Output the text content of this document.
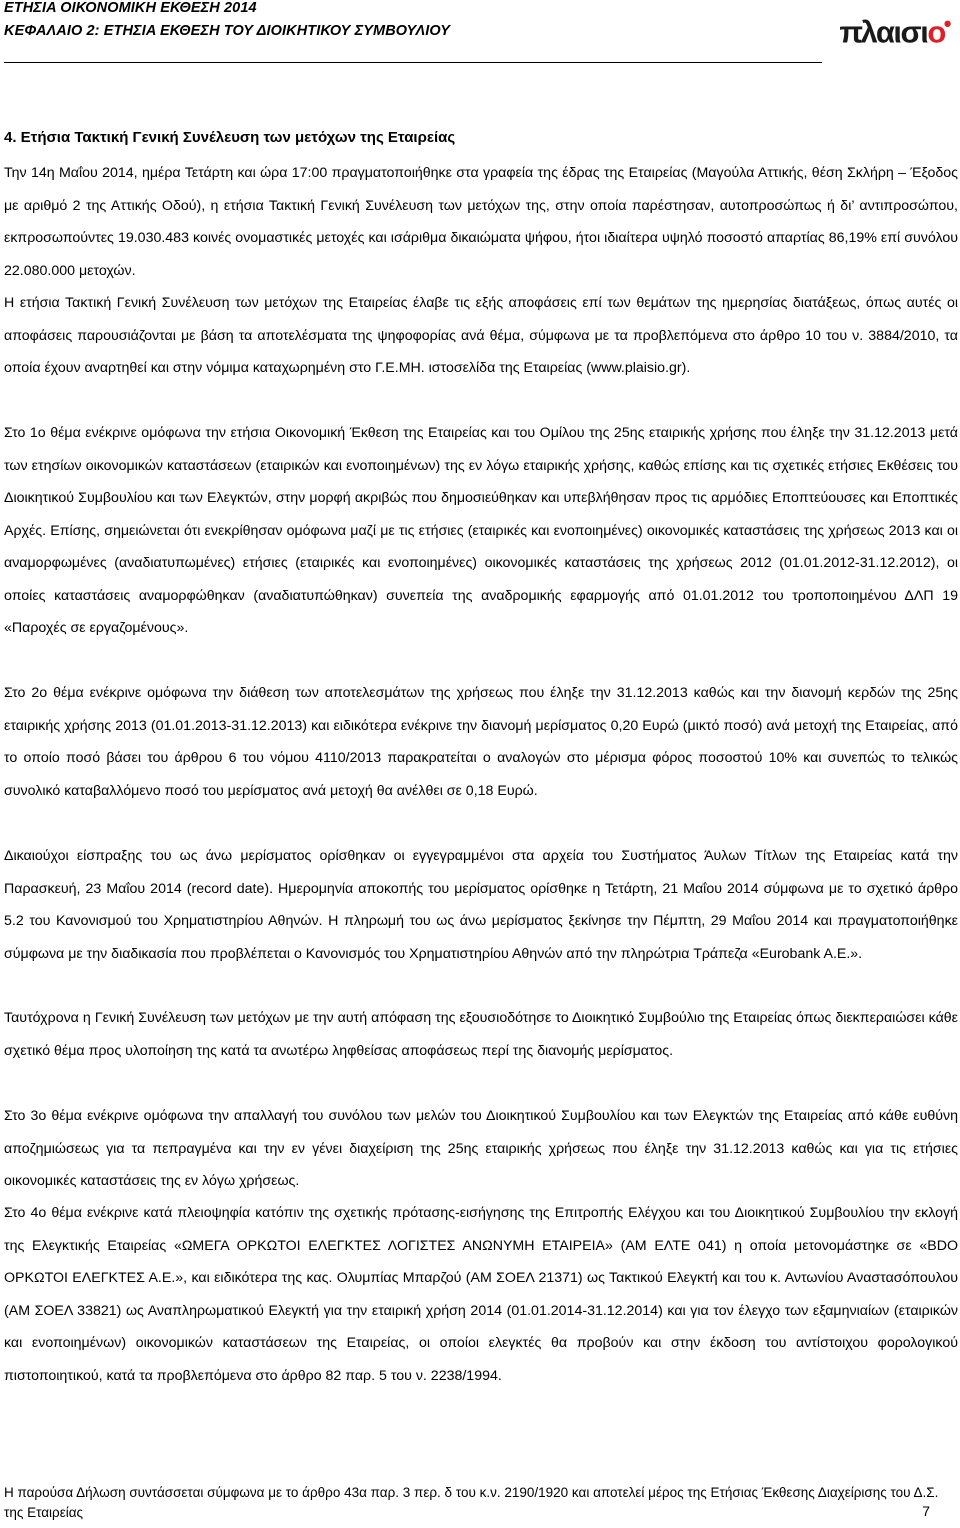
ΕΤΗΣΙΑ ΟΙΚΟΝΟΜΙΚΗ ΕΚΘΕΣΗ 2014
ΚΕΦΑΛΑΙΟ 2: ΕΤΗΣΙΑ ΕΚΘΕΣΗ ΤΟΥ ΔΙΟΙΚΗΤΙΚΟΥ ΣΥΜΒΟΥΛΙΟΥ	πλαισιο•
4. Ετήσια Τακτική Γενική Συνέλευση των μετόχων της Εταιρείας

Την 14η Μαΐου 2014, ημέρα Τετάρτη και ώρα 17:00 πραγματοποιήθηκε στα γραφεία της έδρας της Εταιρείας (Μαγούλα Αττικής, θέση Σκλήρη – Έξοδος με αριθμό 2 της Αττικής Οδού), η ετήσια Τακτική Γενική Συνέλευση των μετόχων της, στην οποία παρέστησαν, αυτοπροσώπως ή δι’ αντιπροσώπου, εκπροσωπούντες 19.030.483 κοινές ονομαστικές μετοχές και ισάριθμα δικαιώματα ψήφου, ήτοι ιδιαίτερα υψηλό ποσοστό απαρτίας 86,19% επί συνόλου 22.080.000 μετοχών.

Η ετήσια Τακτική Γενική Συνέλευση των μετόχων της Εταιρείας έλαβε τις εξής αποφάσεις επί των θεμάτων της ημερησίας διατάξεως, όπως αυτές οι αποφάσεις παρουσιάζονται με βάση τα αποτελέσματα της ψηφοφορίας ανά θέμα, σύμφωνα με τα προβλεπόμενα στο άρθρο 10 του ν. 3884/2010, τα οποία έχουν αναρτηθεί και στην νόμιμα καταχωρημένη στο Γ.Ε.ΜΗ. ιστοσελίδα της Εταιρείας (www.plaisio.gr).

Στο 1ο θέμα ενέκρινε ομόφωνα την ετήσια Οικονομική Έκθεση της Εταιρείας και του Ομίλου της 25ης εταιρικής χρήσης που έληξε την 31.12.2013 μετά των ετησίων οικονομικών καταστάσεων (εταιρικών και ενοποιημένων) της εν λόγω εταιρικής χρήσης, καθώς επίσης και τις σχετικές ετήσιες Εκθέσεις του Διοικητικού Συμβουλίου και των Ελεγκτών, στην μορφή ακριβώς που δημοσιεύθηκαν και υπεβλήθησαν προς τις αρμόδιες Εποπτεύουσες και Εποπτικές Αρχές. Επίσης, σημειώνεται ότι ενεκρίθησαν ομόφωνα μαζί με τις ετήσιες (εταιρικές και ενοποιημένες) οικονομικές καταστάσεις της χρήσεως 2013 και οι αναμορφωμένες (αναδιατυπωμένες) ετήσιες (εταιρικές και ενοποιημένες) οικονομικές καταστάσεις της χρήσεως 2012 (01.01.2012-31.12.2012), οι οποίες καταστάσεις αναμορφώθηκαν (αναδιατυπώθηκαν) συνεπεία της αναδρομικής εφαρμογής από 01.01.2012 του τροποποιημένου ΔΛΠ 19 «Παροχές σε εργαζομένους».

Στο 2ο θέμα ενέκρινε ομόφωνα την διάθεση των αποτελεσμάτων της χρήσεως που έληξε την 31.12.2013 καθώς και την διανομή κερδών της 25ης εταιρικής χρήσης 2013 (01.01.2013-31.12.2013) και ειδικότερα ενέκρινε την διανομή μερίσματος 0,20 Ευρώ (μικτό ποσό) ανά μετοχή της Εταιρείας, από το οποίο ποσό βάσει του άρθρου 6 του νόμου 4110/2013 παρακρατείται ο αναλογών στο μέρισμα φόρος ποσοστού 10% και συνεπώς το τελικώς συνολικό καταβαλλόμενο ποσό του μερίσματος ανά μετοχή θα ανέλθει σε 0,18 Ευρώ.

Δικαιούχοι είσπραξης του ως άνω μερίσματος ορίσθηκαν οι εγγεγραμμένοι στα αρχεία του Συστήματος Άυλων Τίτλων της Εταιρείας κατά την Παρασκευή, 23 Μαΐου 2014 (record date). Ημερομηνία αποκοπής του μερίσματος ορίσθηκε η Τετάρτη, 21 Μαΐου 2014 σύμφωνα με το σχετικό άρθρο 5.2 του Κανονισμού του Χρηματιστηρίου Αθηνών. Η πληρωμή του ως άνω μερίσματος ξεκίνησε την Πέμπτη, 29 Μαΐου 2014 και πραγματοποιήθηκε σύμφωνα με την διαδικασία που προβλέπεται ο Κανονισμός του Χρηματιστηρίου Αθηνών από την πληρώτρια Τράπεζα «Eurobank A.E.».

Ταυτόχρονα η Γενική Συνέλευση των μετόχων με την αυτή απόφαση της εξουσιοδότησε το Διοικητικό Συμβούλιο της Εταιρείας όπως διεκπεραιώσει κάθε σχετικό θέμα προς υλοποίηση της κατά τα ανωτέρω ληφθείσας αποφάσεως περί της διανομής μερίσματος.

Στο 3ο θέμα ενέκρινε ομόφωνα την απαλλαγή του συνόλου των μελών του Διοικητικού Συμβουλίου και των Ελεγκτών της Εταιρείας από κάθε ευθύνη αποζημιώσεως για τα πεπραγμένα και την εν γένει διαχείριση της 25ης εταιρικής χρήσεως που έληξε την 31.12.2013 καθώς και για τις ετήσιες οικονομικές καταστάσεις της εν λόγω χρήσεως.

Στο 4ο θέμα ενέκρινε κατά πλειοψηφία κατόπιν της σχετικής πρότασης-εισήγησης της Επιτροπής Ελέγχου και του Διοικητικού Συμβουλίου την εκλογή της Ελεγκτικής Εταιρείας «ΩΜΕΓΑ ΟΡΚΩΤΟΙ ΕΛΕΓΚΤΕΣ ΛΟΓΙΣΤΕΣ ΑΝΩΝΥΜΗ ΕΤΑΙΡΕΙΑ» (ΑΜ ΕΛΤΕ 041) η οποία μετονομάστηκε σε «BDO ΟΡΚΩΤΟΙ ΕΛΕΓΚΤΕΣ Α.Ε.», και ειδικότερα της κας. Ολυμπίας Μπαρζού (ΑΜ ΣΟΕΛ 21371) ως Τακτικού Ελεγκτή και του κ. Αντωνίου Αναστασόπουλου (ΑΜ ΣΟΕΛ 33821) ως Αναπληρωματικού Ελεγκτή για την εταιρική χρήση 2014 (01.01.2014-31.12.2014) και για τον έλεγχο των εξαμηνιαίων (εταιρικών και ενοποιημένων) οικονομικών καταστάσεων της Εταιρείας, οι οποίοι ελεγκτές θα προβούν και στην έκδοση του αντίστοιχου φορολογικού πιστοποιητικού, κατά τα προβλεπόμενα στο άρθρο 82 παρ. 5 του ν. 2238/1994.

Η παρούσα Δήλωση συντάσσεται σύμφωνα με το άρθρο 43α παρ. 3 περ. δ του κ.ν. 2190/1920 και αποτελεί μέρος της Ετήσιας Έκθεσης Διαχείρισης του Δ.Σ. της Εταιρείας	7
